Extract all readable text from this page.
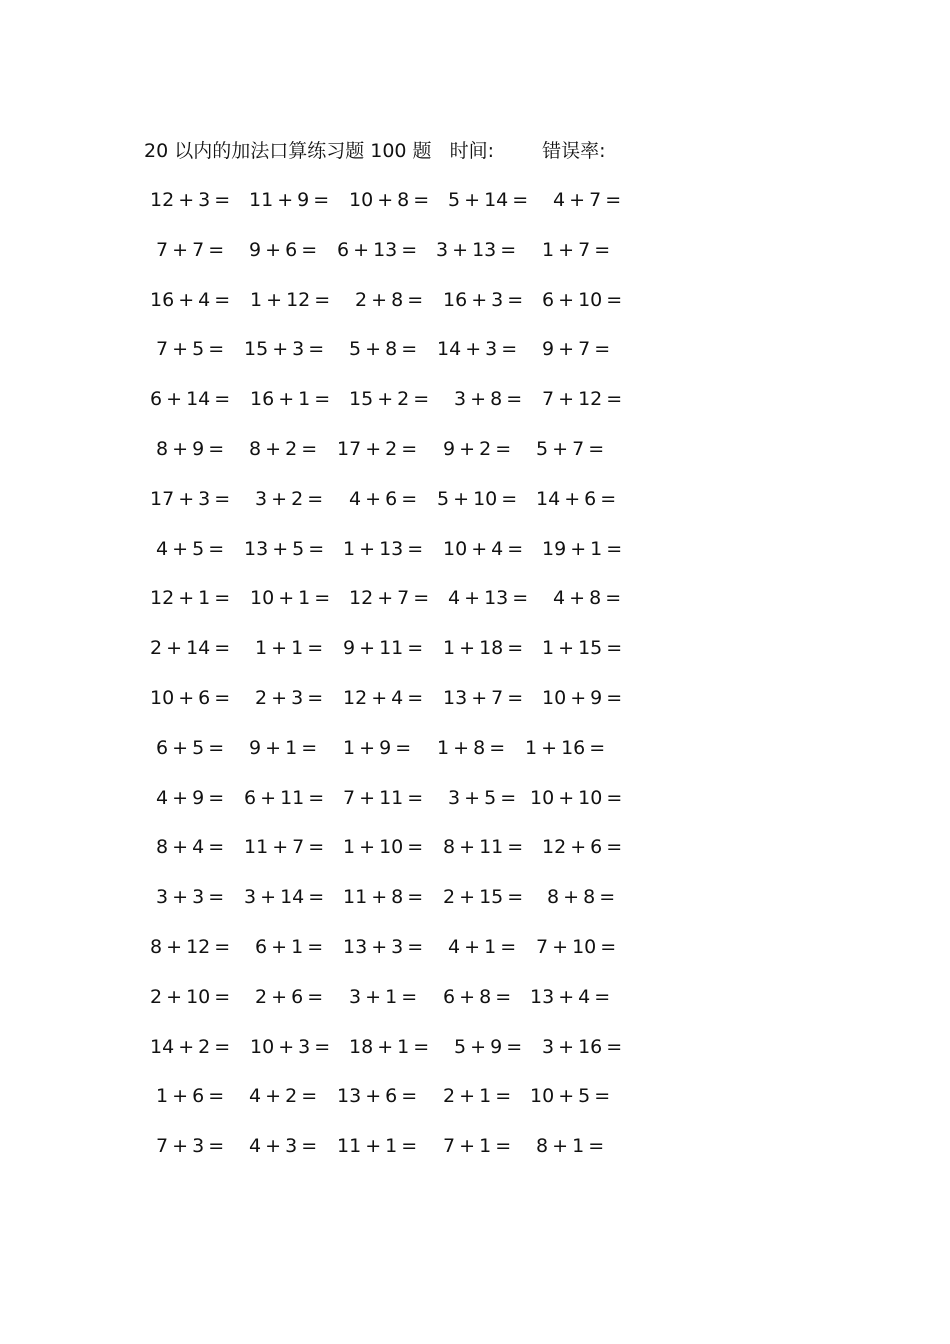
20 以内的加法口算练习题 100 题 时间:	错误率:
12 + 3 = 11 + 9 = 10 + 8 = 5 + 14 = 4 + 7 =
7 + 7 = 9 + 6 = 6 + 13 = 3 + 13 = 1 + 7 =
16 + 4 = 1 + 12 = 2 + 8 = 16 + 3 = 6 + 10 =
7 + 5 = 15 + 3 = 5 + 8 = 14 + 3 = 9 + 7 =
6 + 14 = 16 + 1 = 15 + 2 = 3 + 8 = 7 + 12 =
8 + 9 = 8 + 2 = 17 + 2 = 9 + 2 = 5 + 7 =
17 + 3 = 3 + 2 = 4 + 6 = 5 + 10 = 14 + 6 =
4 + 5 = 13 + 5 = 1 + 13 = 10 + 4 = 19 + 1 =
12 + 1 = 10 + 1 = 12 + 7 = 4 + 13 = 4 + 8 =
2 + 14 = 1 + 1 = 9 + 11 = 1 + 18 = 1 + 15 =
10 + 6 = 2 + 3 = 12 + 4 = 13 + 7 = 10 + 9 =
6 + 5 = 9 + 1 = 1 + 9 = 1 + 8 = 1 + 16 =
4 + 9 = 6 + 11 = 7 + 11 = 3 + 5 = 10 + 10 =
8 + 4 = 11 + 7 = 1 + 10 = 8 + 11 = 12 + 6 =
3 + 3 = 3 + 14 = 11 + 8 = 2 + 15 = 8 + 8 =
8 + 12 = 6 + 1 = 13 + 3 = 4 + 1 = 7 + 10 =
2 + 10 = 2 + 6 = 3 + 1 = 6 + 8 = 13 + 4 =
14 + 2 = 10 + 3 = 18 + 1 = 5 + 9 = 3 + 16 =
1 + 6 = 4 + 2 = 13 + 6 = 2 + 1 = 10 + 5 =
7 + 3 = 4 + 3 = 11 + 1 = 7 + 1 = 8 + 1 =
